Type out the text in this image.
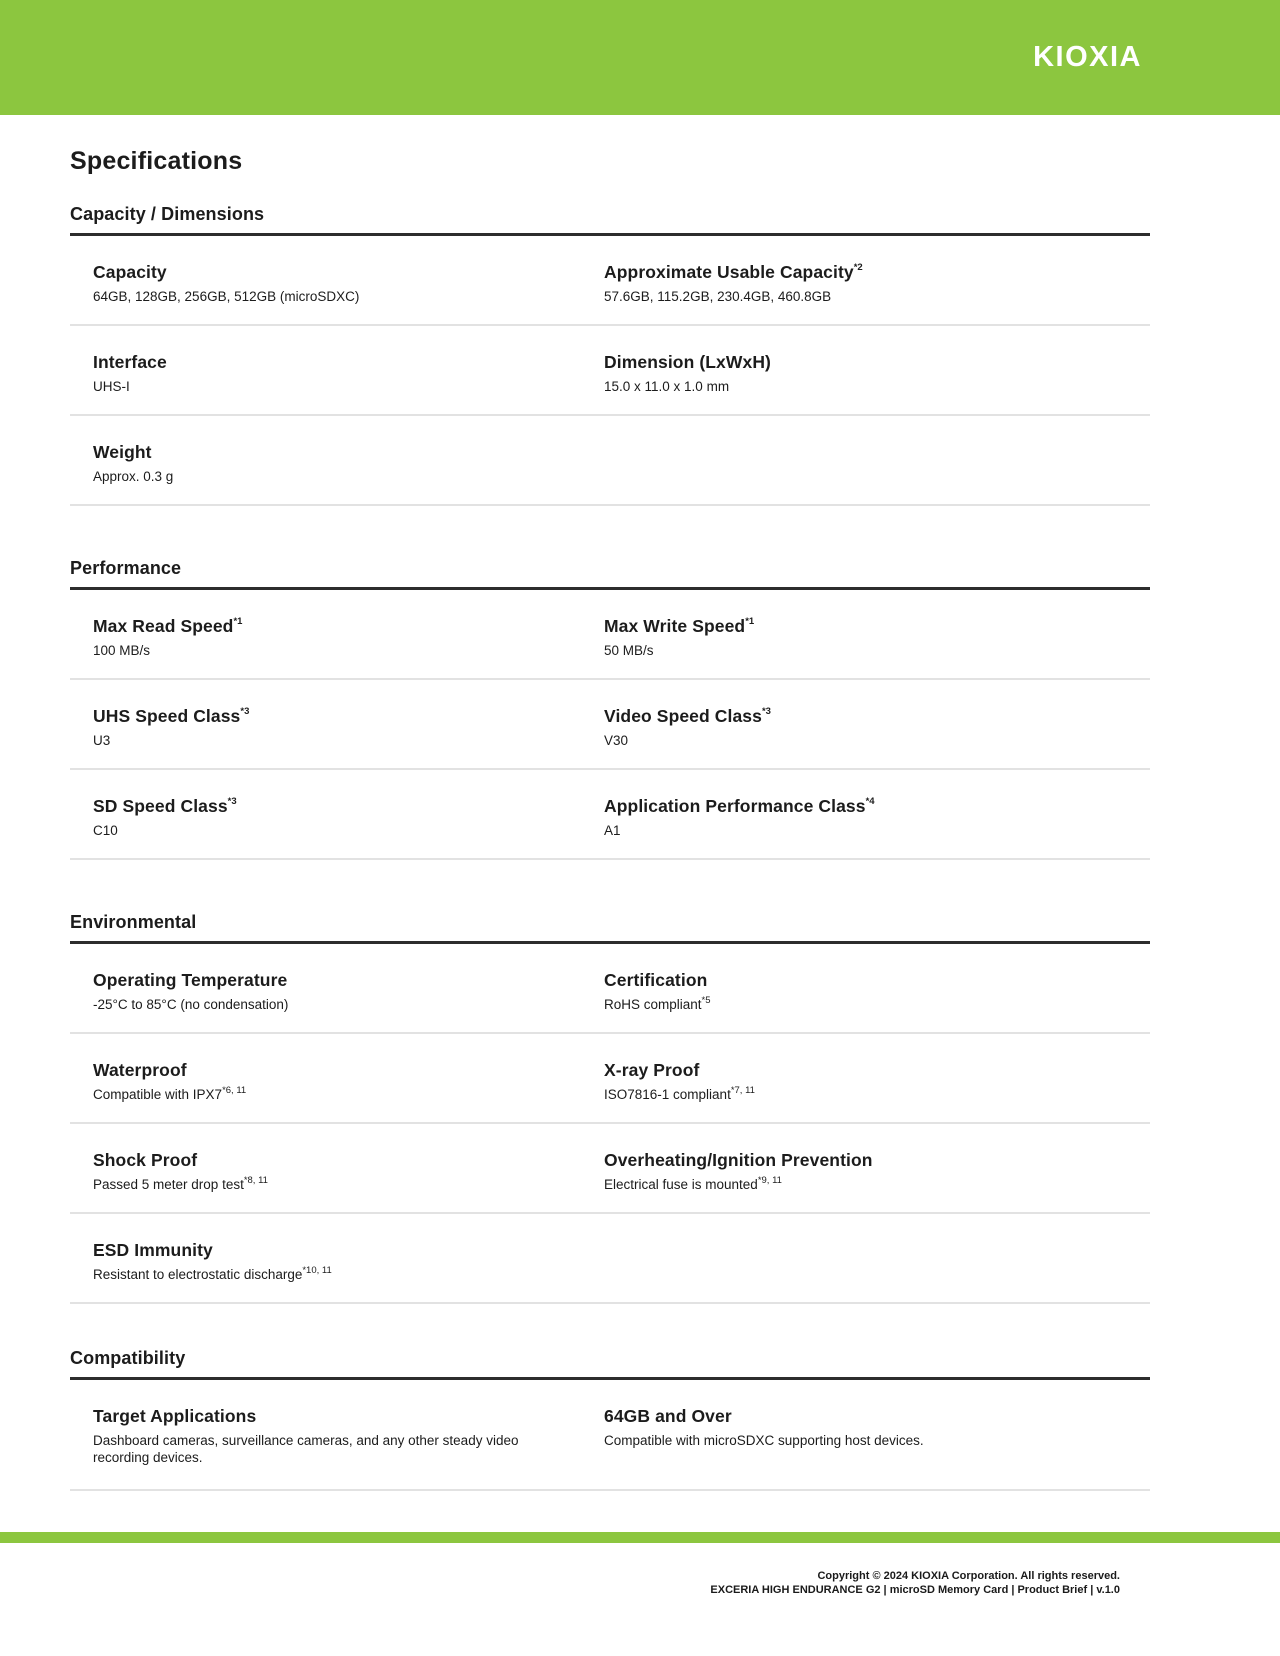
KIOXIA
Specifications
Capacity / Dimensions
Capacity
64GB, 128GB, 256GB, 512GB (microSDXC)
Approximate Usable Capacity$^{*2}$
57.6GB, 115.2GB, 230.4GB, 460.8GB
Interface
UHS-I
Dimension (LxWxH)
15.0 x 11.0 x 1.0 mm
Weight
Approx. 0.3 g
Performance
Max Read Speed$^{*1}$
100 MB/s
Max Write Speed$^{*1}$
50 MB/s
UHS Speed Class$^{*3}$
U3
Video Speed Class$^{*3}$
V30
SD Speed Class$^{*3}$
C10
Application Performance Class$^{*4}$
A1
Environmental
Operating Temperature
-25°C to 85°C (no condensation)
Certification
RoHS compliant$^{*5}$
Waterproof
Compatible with IPX7$^{*6, 11}$
X-ray Proof
ISO7816-1 compliant$^{*7, 11}$
Shock Proof
Passed 5 meter drop test$^{*8, 11}$
Overheating/Ignition Prevention
Electrical fuse is mounted$^{*9, 11}$
ESD Immunity
Resistant to electrostatic discharge$^{*10, 11}$
Compatibility
Target Applications
Dashboard cameras, surveillance cameras, and any other steady video recording devices.
64GB and Over
Compatible with microSDXC supporting host devices.
Copyright © 2024 KIOXIA Corporation. All rights reserved.
EXCERIA HIGH ENDURANCE G2 | microSD Memory Card | Product Brief | v.1.0
